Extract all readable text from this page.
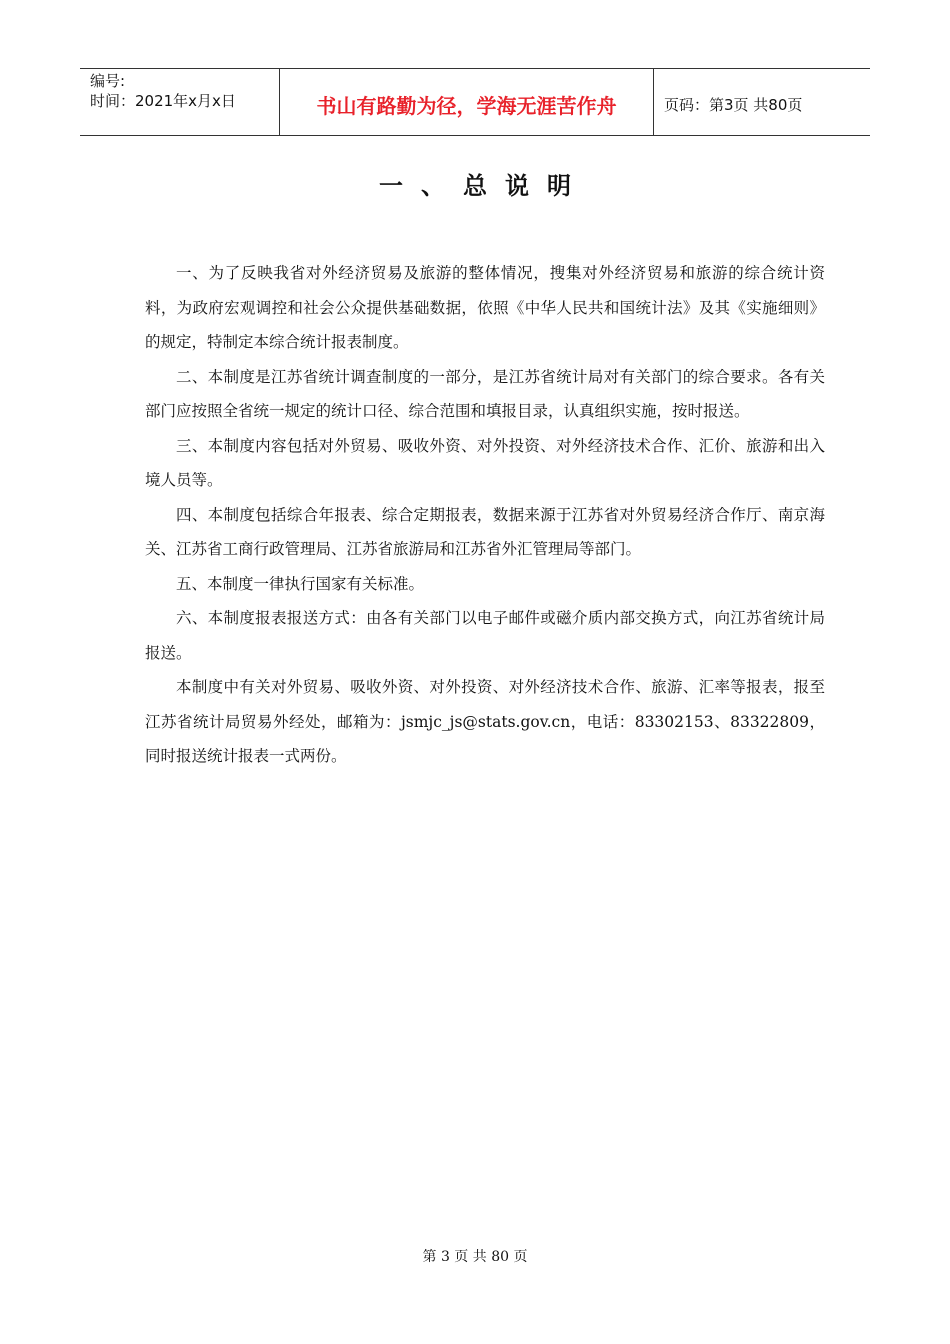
编号:
时间：2021年x月x日	书山有路勤为径，学海无涯苦作舟	页码：第3页 共80页
一、总说明

一、为了反映我省对外经济贸易及旅游的整体情况，搜集对外经济贸易和旅游的综合统计资料，为政府宏观调控和社会公众提供基础数据，依照《中华人民共和国统计法》及其《实施细则》的规定，特制定本综合统计报表制度。

二、本制度是江苏省统计调查制度的一部分，是江苏省统计局对有关部门的综合要求。各有关部门应按照全省统一规定的统计口径、综合范围和填报目录，认真组织实施，按时报送。

三、本制度内容包括对外贸易、吸收外资、对外投资、对外经济技术合作、汇价、旅游和出入境人员等。

四、本制度包括综合年报表、综合定期报表，数据来源于江苏省对外贸易经济合作厅、南京海关、江苏省工商行政管理局、江苏省旅游局和江苏省外汇管理局等部门。

五、本制度一律执行国家有关标准。

六、本制度报表报送方式：由各有关部门以电子邮件或磁介质内部交换方式，向江苏省统计局报送。

本制度中有关对外贸易、吸收外资、对外投资、对外经济技术合作、旅游、汇率等报表，报至江苏省统计局贸易外经处，邮箱为：jsmjc_js@stats.gov.cn，电话：83302153、83322809，同时报送统计报表一式两份。

第 3 页 共 80 页
